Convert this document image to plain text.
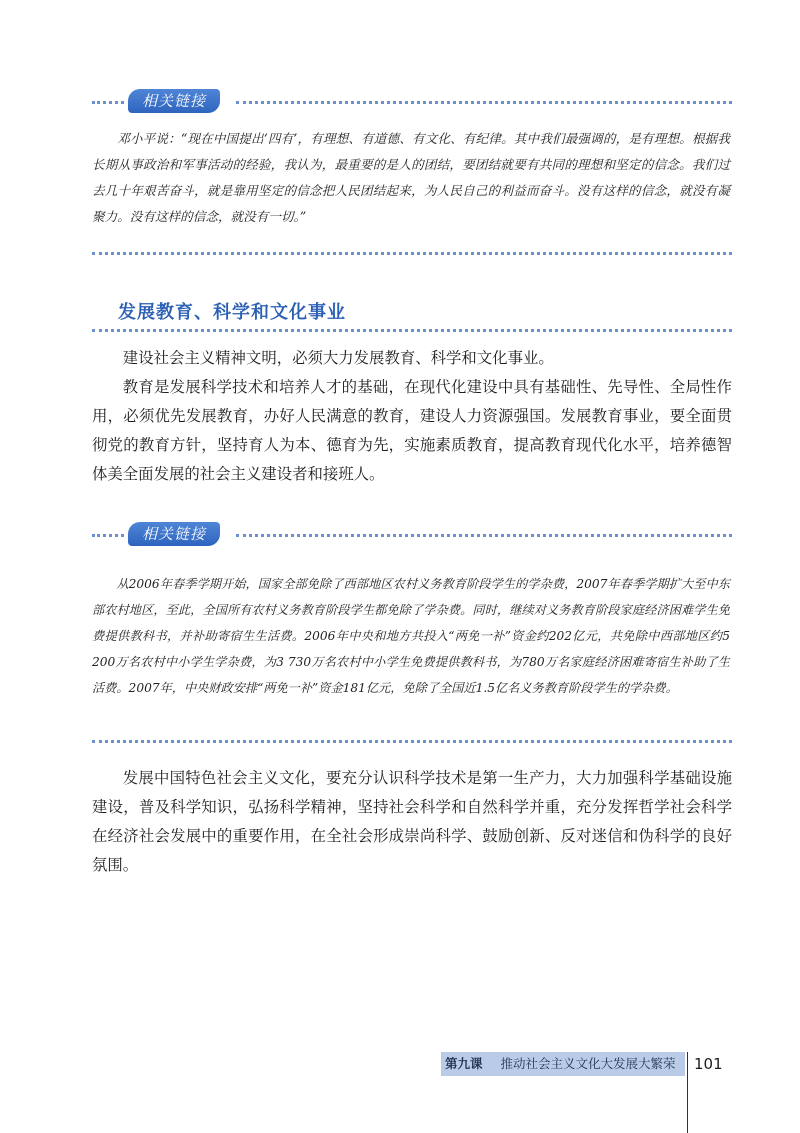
相关链接

邓小平说：“现在中国提出‘四有’，有理想、有道德、有文化、有纪律。其中我们最强调的，是有理想。根据我长期从事政治和军事活动的经验，我认为，最重要的是人的团结，要团结就要有共同的理想和坚定的信念。我们过去几十年艰苦奋斗，就是靠用坚定的信念把人民团结起来，为人民自己的利益而奋斗。没有这样的信念，就没有凝聚力。没有这样的信念，就没有一切。”

发展教育、科学和文化事业

建设社会主义精神文明，必须大力发展教育、科学和文化事业。

教育是发展科学技术和培养人才的基础，在现代化建设中具有基础性、先导性、全局性作用，必须优先发展教育，办好人民满意的教育，建设人力资源强国。发展教育事业，要全面贯彻党的教育方针，坚持育人为本、德育为先，实施素质教育，提高教育现代化水平，培养德智体美全面发展的社会主义建设者和接班人。

相关链接

从2006年春季学期开始，国家全部免除了西部地区农村义务教育阶段学生的学杂费，2007年春季学期扩大至中东部农村地区，至此，全国所有农村义务教育阶段学生都免除了学杂费。同时，继续对义务教育阶段家庭经济困难学生免费提供教科书，并补助寄宿生生活费。2006年中央和地方共投入“两免一补”资金约202亿元，共免除中西部地区约5 200万名农村中小学生学杂费，为3 730万名农村中小学生免费提供教科书，为780万名家庭经济困难寄宿生补助了生活费。2007年，中央财政安排“两免一补”资金181亿元，免除了全国近1.5亿名义务教育阶段学生的学杂费。

发展中国特色社会主义文化，要充分认识科学技术是第一生产力，大力加强科学基础设施建设，普及科学知识，弘扬科学精神，坚持社会科学和自然科学并重，充分发挥哲学社会科学在经济社会发展中的重要作用，在全社会形成崇尚科学、鼓励创新、反对迷信和伪科学的良好氛围。

第九课 推动社会主义文化大发展大繁荣	101
